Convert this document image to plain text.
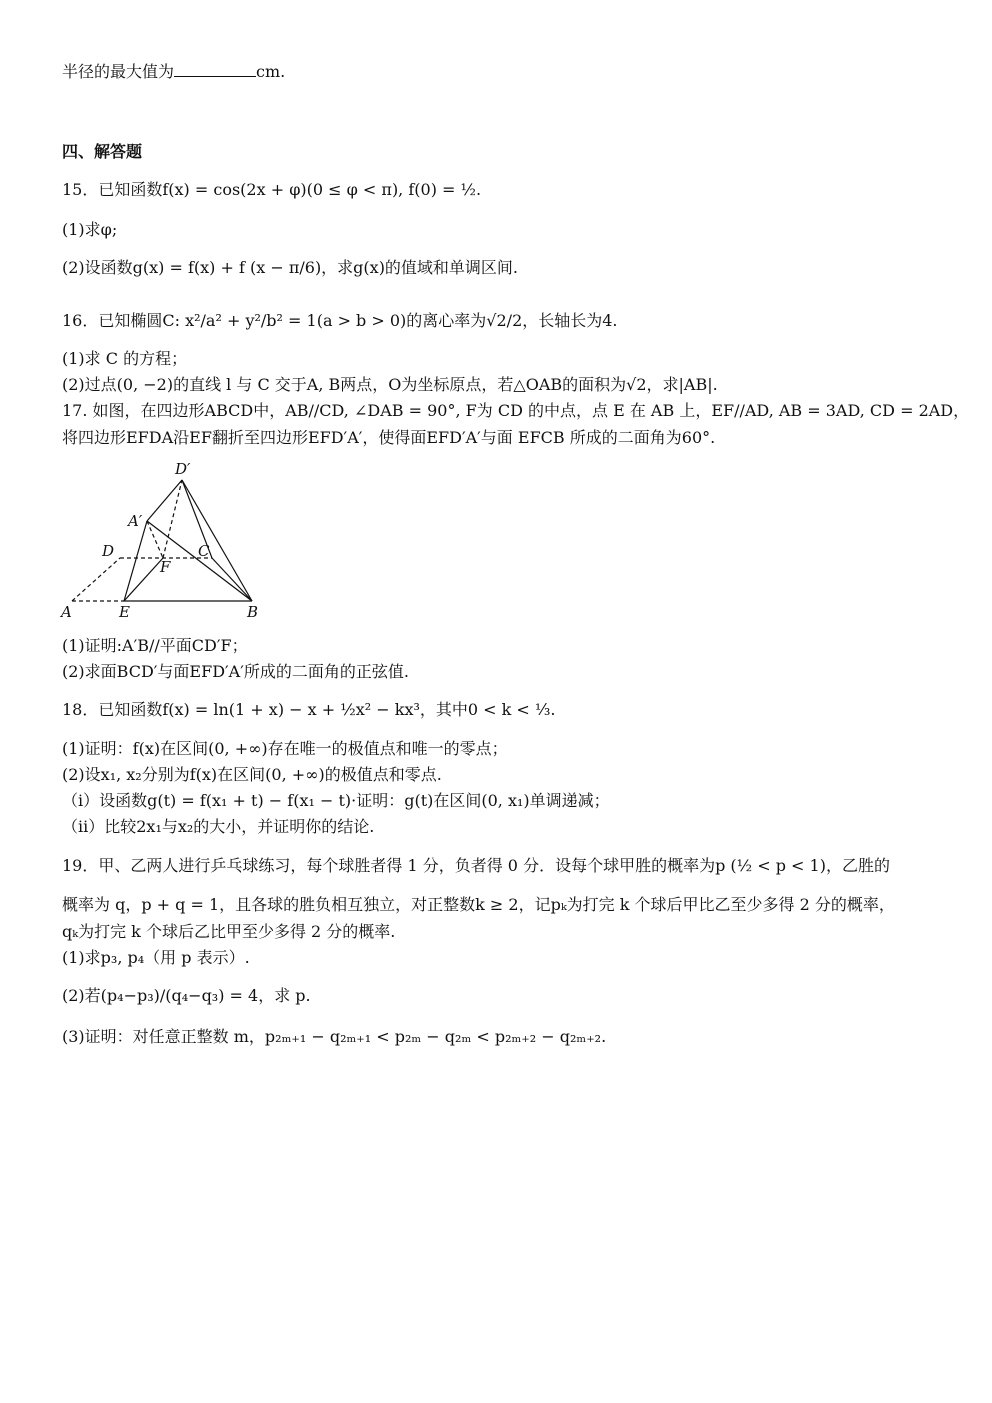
半径的最大值为	cm.
四、解答题
15．已知函数f(x) = cos(2x + φ)(0 ≤ φ < π), f(0) = ½.
(1)求φ;
(2)设函数g(x) = f(x) + f (x − π/6)，求g(x)的值域和单调区间.
16．已知椭圆C: x²/a² + y²/b² = 1(a > b > 0)的离心率为√2/2，长轴长为4.
(1)求 C 的方程；
(2)过点(0, −2)的直线 l 与 C 交于A, B两点，O为坐标原点，若△OAB的面积为√2，求|AB|.
17. 如图，在四边形ABCD中，AB//CD, ∠DAB = 90°, F为 CD 的中点，点 E 在 AB 上，EF//AD, AB = 3AD, CD = 2AD，
将四边形EFDA沿EF翻折至四边形EFD′A′，使得面EFD′A′与面 EFCB 所成的二面角为60°.
D′
A′
D	C
F
A	E	B
(1)证明:A′B//平面CD′F；
(2)求面BCD′与面EFD′A′所成的二面角的正弦值.
18．已知函数f(x) = ln(1 + x) − x + ½x² − kx³，其中0 < k < ⅓.
(1)证明：f(x)在区间(0, +∞)存在唯一的极值点和唯一的零点；
(2)设x₁, x₂分别为f(x)在区间(0, +∞)的极值点和零点.
（i）设函数g(t) = f(x₁ + t) − f(x₁ − t)·证明：g(t)在区间(0, x₁)单调递减；
（ii）比较2x₁与x₂的大小，并证明你的结论.
19．甲、乙两人进行乒乓球练习，每个球胜者得 1 分，负者得 0 分．设每个球甲胜的概率为p (½ < p < 1)，乙胜的
概率为 q，p + q = 1，且各球的胜负相互独立，对正整数k ≥ 2，记pₖ为打完 k 个球后甲比乙至少多得 2 分的概率，
qₖ为打完 k 个球后乙比甲至少多得 2 分的概率.
(1)求p₃, p₄（用 p 表示）.
(2)若(p₄−p₃)/(q₄−q₃) = 4，求 p.
(3)证明：对任意正整数 m，p₂ₘ₊₁ − q₂ₘ₊₁ < p₂ₘ − q₂ₘ < p₂ₘ₊₂ − q₂ₘ₊₂.
